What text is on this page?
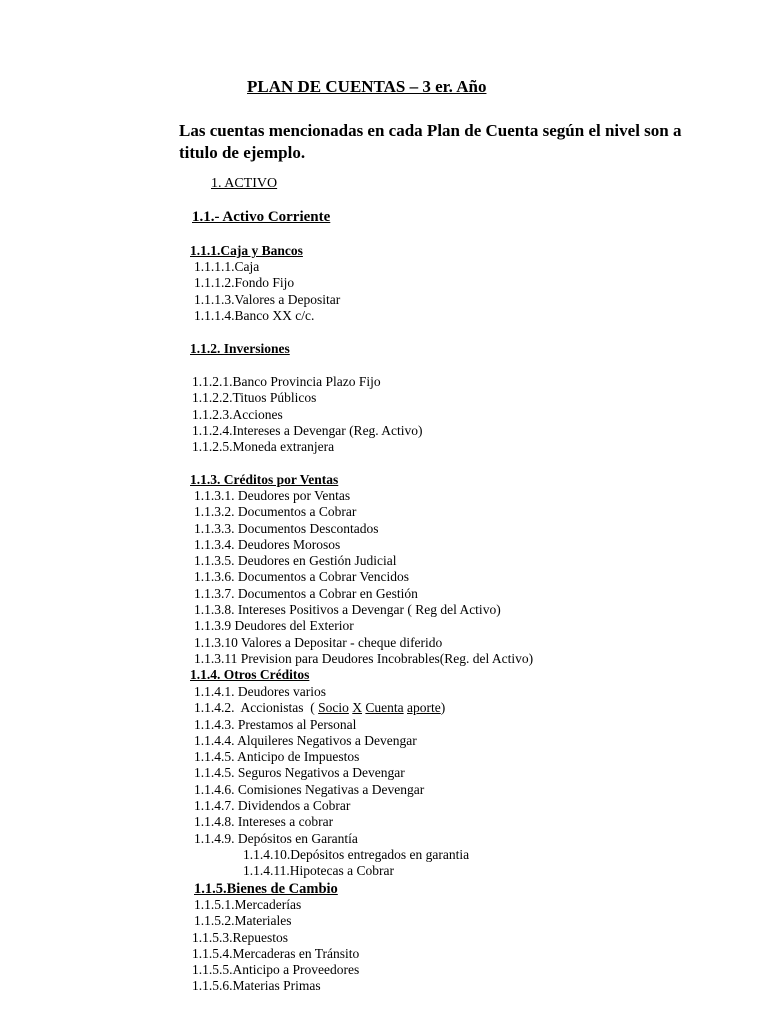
PLAN DE CUENTAS – 3 er. Año

Las cuentas mencionadas en cada Plan de Cuenta según el nivel son a titulo de ejemplo.

1. ACTIVO
1.1.- Activo Corriente
1.1.1.Caja y Bancos
1.1.1.1.Caja
1.1.1.2.Fondo Fijo
1.1.1.3.Valores a Depositar
1.1.1.4.Banco XX c/c.
1.1.2. Inversiones
1.1.2.1.Banco Provincia Plazo Fijo
1.1.2.2.Tituos Públicos
1.1.2.3.Acciones
1.1.2.4.Intereses a Devengar (Reg. Activo)
1.1.2.5.Moneda extranjera
1.1.3. Créditos por Ventas
1.1.3.1. Deudores por Ventas
1.1.3.2. Documentos a Cobrar
1.1.3.3. Documentos Descontados
1.1.3.4. Deudores Morosos
1.1.3.5. Deudores en Gestión Judicial
1.1.3.6. Documentos a Cobrar Vencidos
1.1.3.7. Documentos a Cobrar en Gestión
1.1.3.8. Intereses Positivos a Devengar ( Reg del Activo)
1.1.3.9 Deudores del Exterior
1.1.3.10 Valores a Depositar - cheque diferido
1.1.3.11 Prevision para Deudores Incobrables(Reg. del Activo)
1.1.4. Otros Créditos
1.1.4.1. Deudores varios
1.1.4.2.  Accionistas  ( Socio X Cuenta aporte)
1.1.4.3. Prestamos al Personal
1.1.4.4. Alquileres Negativos a Devengar
1.1.4.5. Anticipo de Impuestos
1.1.4.5. Seguros Negativos a Devengar
1.1.4.6. Comisiones Negativas a Devengar
1.1.4.7. Dividendos a Cobrar
1.1.4.8. Intereses a cobrar
1.1.4.9. Depósitos en Garantía
1.1.4.10.Depósitos entregados en garantia
1.1.4.11.Hipotecas a Cobrar
1.1.5.Bienes de Cambio
1.1.5.1.Mercaderías
1.1.5.2.Materiales
1.1.5.3.Repuestos
1.1.5.4.Mercaderas en Tránsito
1.1.5.5.Anticipo a Proveedores
1.1.5.6.Materias Primas
